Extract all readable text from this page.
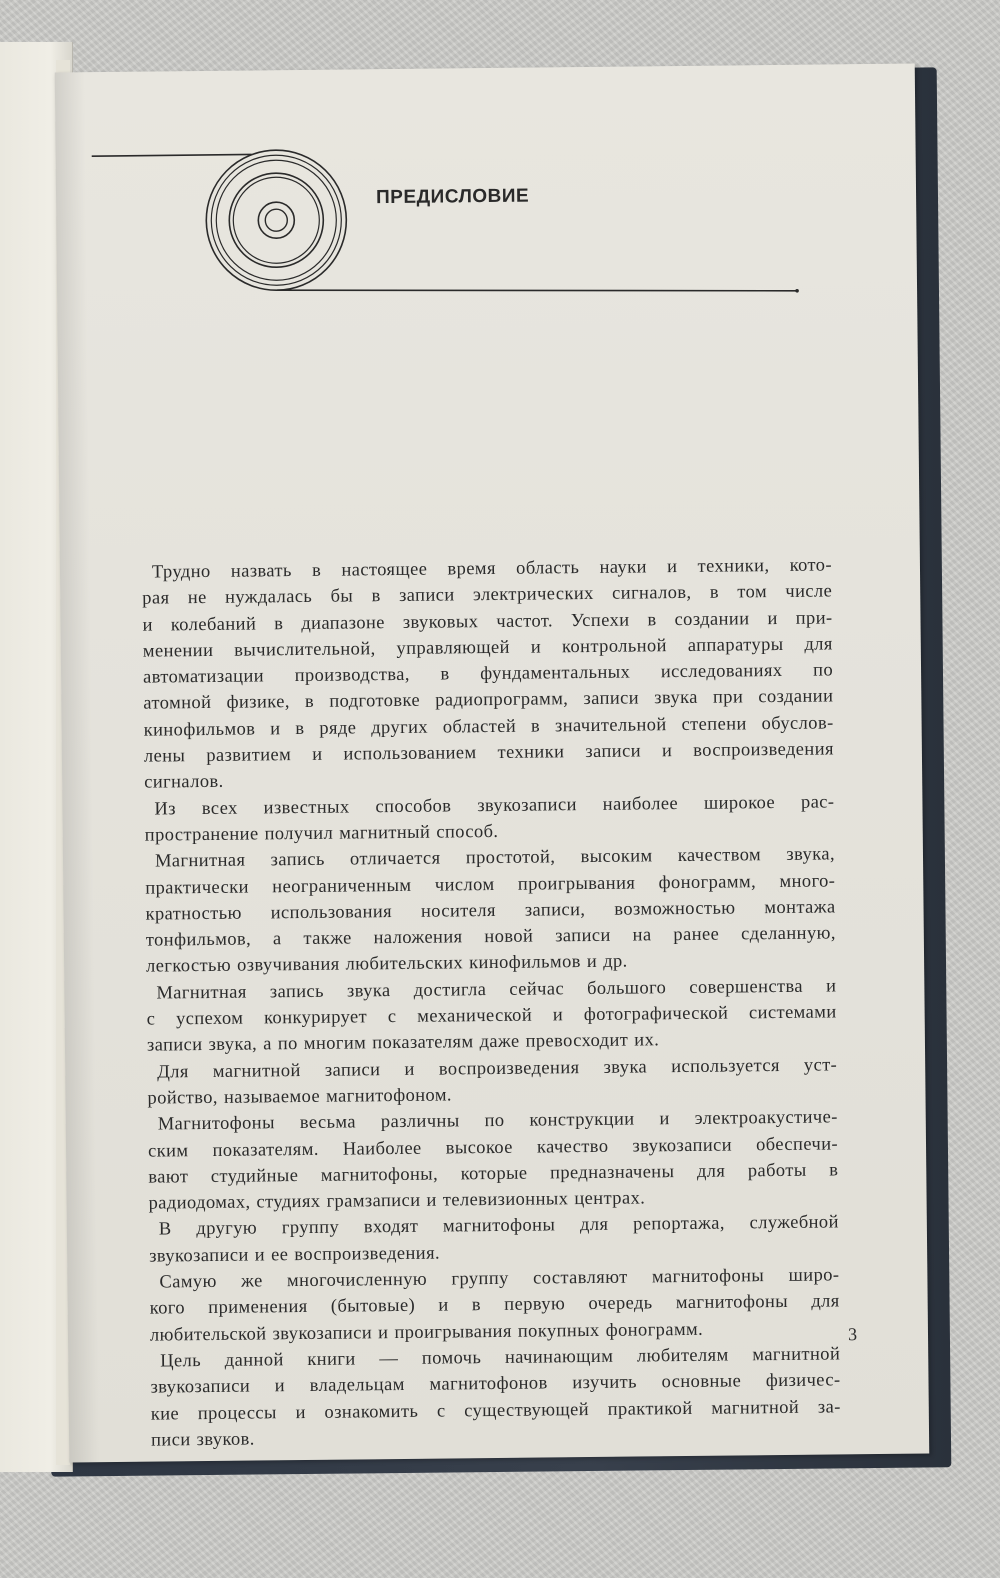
ПРЕДИСЛОВИЕ
Трудно назвать в настоящее время область науки и техники, кото-
рая не нуждалась бы в записи электрических сигналов, в том числе
и колебаний в диапазоне звуковых частот. Успехи в создании и при-
менении вычислительной, управляющей и контрольной аппаратуры для
автоматизации производства, в фундаментальных исследованиях по
атомной физике, в подготовке радиопрограмм, записи звука при создании
кинофильмов и в ряде других областей в значительной степени обуслов-
лены развитием и использованием техники записи и воспроизведения
сигналов.
Из всех известных способов звукозаписи наиболее широкое рас-
пространение получил магнитный способ.
Магнитная запись отличается простотой, высоким качеством звука,
практически неограниченным числом проигрывания фонограмм, много-
кратностью использования носителя записи, возможностью монтажа
тонфильмов, а также наложения новой записи на ранее сделанную,
легкостью озвучивания любительских кинофильмов и др.
Магнитная запись звука достигла сейчас большого совершенства и
с успехом конкурирует с механической и фотографической системами
записи звука, а по многим показателям даже превосходит их.
Для магнитной записи и воспроизведения звука используется уст-
ройство, называемое магнитофоном.
Магнитофоны весьма различны по конструкции и электроакустиче-
ским показателям. Наиболее высокое качество звукозаписи обеспечи-
вают студийные магнитофоны, которые предназначены для работы в
радиодомах, студиях грамзаписи и телевизионных центрах.
В другую группу входят магнитофоны для репортажа, служебной
звукозаписи и ее воспроизведения.
Самую же многочисленную группу составляют магнитофоны широ-
кого применения (бытовые) и в первую очередь магнитофоны для
любительской звукозаписи и проигрывания покупных фонограмм.
Цель данной книги — помочь начинающим любителям магнитной
звукозаписи и владельцам магнитофонов изучить основные физичес-
кие процессы и ознакомить с существующей практикой магнитной за-
писи звуков.
3
